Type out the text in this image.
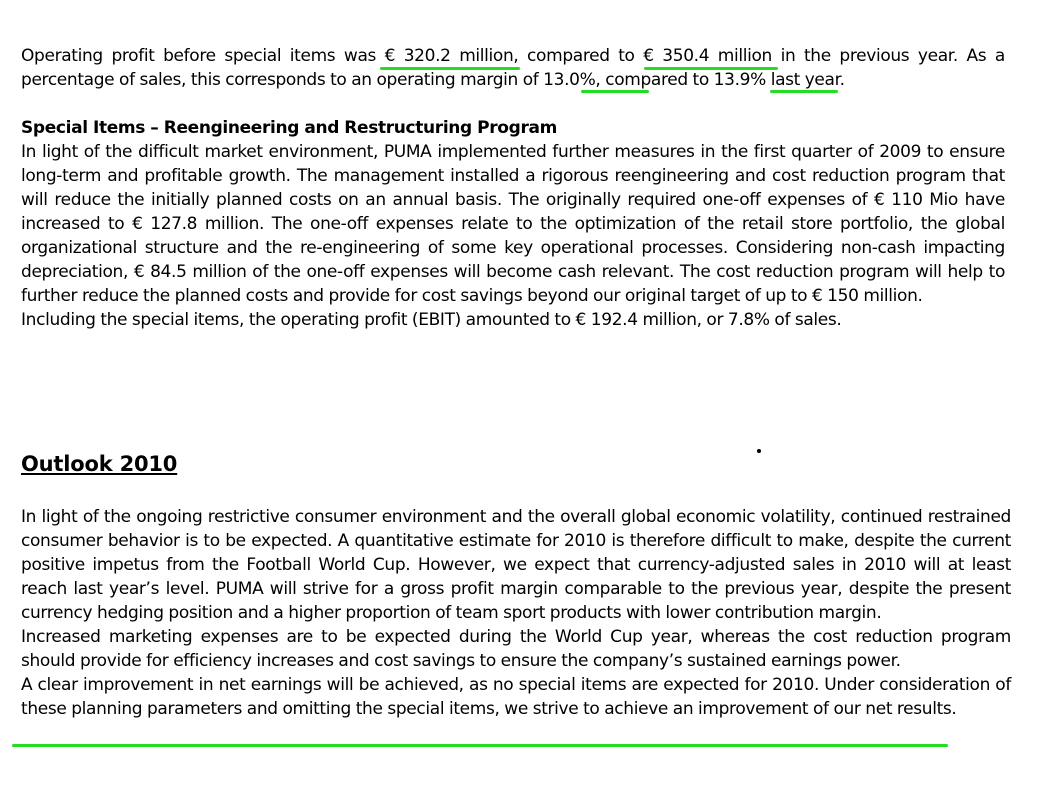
Operating profit before special items was € 320.2 million, compared to € 350.4 million in the previous year. As a percentage of sales, this corresponds to an operating margin of 13.0%, compared to 13.9% last year.

Special Items – Reengineering and Restructuring Program

In light of the difficult market environment, PUMA implemented further measures in the first quarter of 2009 to ensure long-term and profitable growth. The management installed a rigorous reengineering and cost reduction program that will reduce the initially planned costs on an annual basis. The originally required one-off expenses of € 110 Mio have increased to € 127.8 million. The one-off expenses relate to the optimization of the retail store portfolio, the global organizational structure and the re-engineering of some key operational processes. Considering non-cash impacting depreciation, € 84.5 million of the one-off expenses will become cash relevant. The cost reduction program will help to further reduce the planned costs and provide for cost savings beyond our original target of up to € 150 million.

Including the special items, the operating profit (EBIT) amounted to € 192.4 million, or 7.8% of sales.

Outlook 2010

In light of the ongoing restrictive consumer environment and the overall global economic volatility, continued restrained consumer behavior is to be expected. A quantitative estimate for 2010 is therefore difficult to make, despite the current positive impetus from the Football World Cup. However, we expect that currency-adjusted sales in 2010 will at least reach last year’s level. PUMA will strive for a gross profit margin comparable to the previous year, despite the present currency hedging position and a higher proportion of team sport products with lower contribution margin.

Increased marketing expenses are to be expected during the World Cup year, whereas the cost reduction program should provide for efficiency increases and cost savings to ensure the company’s sustained earnings power.

A clear improvement in net earnings will be achieved, as no special items are expected for 2010. Under consideration of these planning parameters and omitting the special items, we strive to achieve an improvement of our net results.
